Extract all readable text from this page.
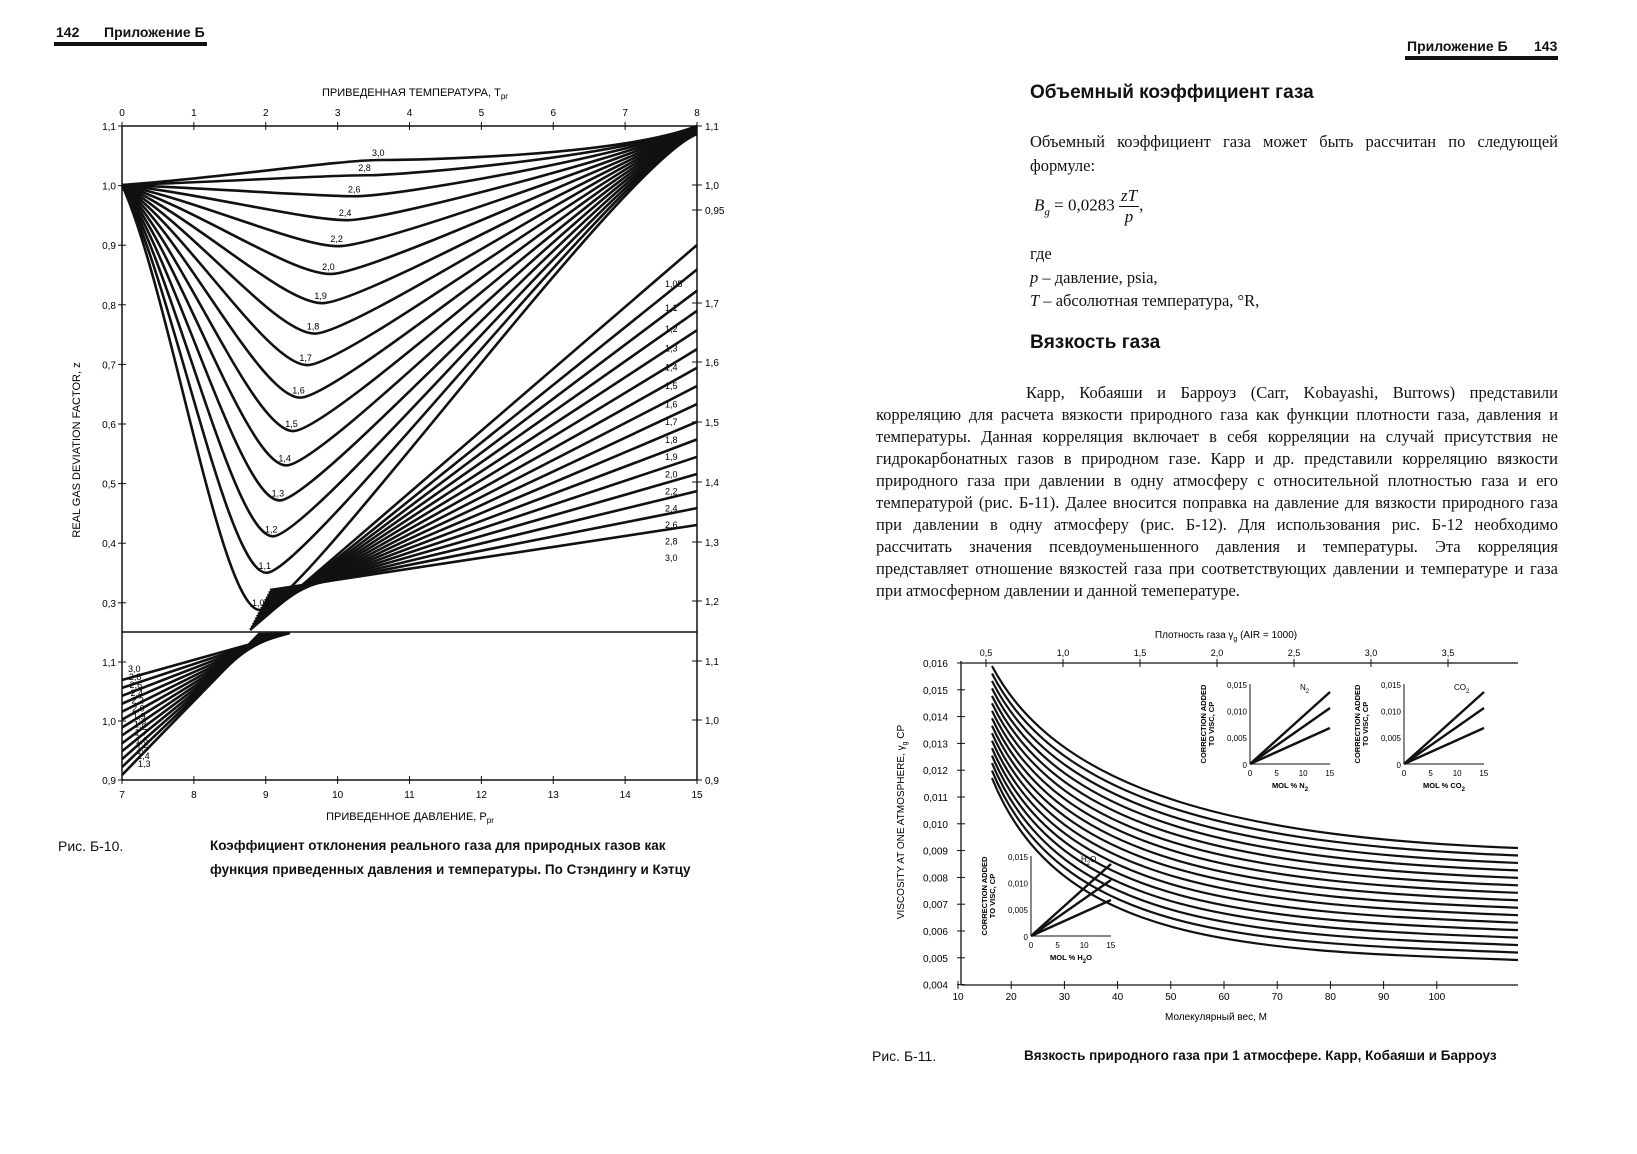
142 Приложение Б
ПРИВЕДЕННАЯ ТЕМПЕРАТУРА, $T_{pr}$
ПРИВЕДЕННОЕ ДАВЛЕНИЕ, $P_{pr}$
REAL GAS DEVIATION FACTOR, z
0	1	2	3	4	5	6	7	8
7	8	9	10	11	12	13	14	15
1,1
1,0
0,9
0,8
0,7
0,6
0,5
0,4
0,3
1,1
1,0
0,9
1,1
1,0
0,95
1,7
1,6
1,5
1,4
1,3
1,2
1,1
1,0
0,9
3,0
2,8
2,6
2,4
2,2
2,0
1,9
1,8
1,7
1,6
1,5
1,4
1,3
1,2
1,1
1,05
1,05
1,1
1,2
1,3
1,4
1,5
1,6
1,7
1,8
1,9
2,0
2,2
2,4
2,6
2,8
3,0
3,0
2,8
2,6
2,4
2,2
2,0
1,9
1,8
1,7
1,6
1,5
1,4
1,3
Рис. Б-10.	Коэффициент отклонения реального газа для природных газов как
функция приведенных давления и температуры. По Стэндингу и Кэтцу
Приложение Б 143
Объемный коэффициент газа
Объемный коэффициент газа может быть рассчитан по следующей формуле:
$B_g = 0,0283 \frac{zT}{p}$ ,
где
p – давление, psia,
T – абсолютная температура, °R,
Вязкость газа
Карр, Кобаяши и Барроуз (Carr, Kobayashi, Burrows) представили корреляцию для расчета вязкости природного газа как функции плотности газа, давления и температуры. Данная корреляция включает в себя корреляции на случай присутствия не гидрокарбонатных газов в природном газе. Карр и др. представили корреляцию вязкости природного газа при давлении в одну атмосферу с относительной плотностью газа и его температурой (рис. Б-11). Далее вносится поправка на давление для вязкости природного газа при давлении в одну атмосферу (рис. Б-12). Для использования рис. Б-12 необходимо рассчитать значения псевдоуменьшенного давления и температуры. Эта корреляция представляет отношение вязкостей газа при соответствующих давлении и температуре и газа при атмосферном давлении и данной темепературе.
Плотность газа $\gamma_g$ (AIR = 1000)
VISCOSITY AT ONE ATMOSPHERE, $\gamma_g$ CP
Молекулярный вес, M
0,016
0,015
0,014
0,013
0,012
0,011
0,010
0,009
0,008
0,007
0,006
0,005
0,004
10	20	30	40	50	60	70	80	90	100
0,5	1,0	1,5	2,0	2,5	3,0	3,5
0,015
0,010
0,005
0
0	5 10 15
CORRECTION ADDED TO VISC, CP
$N_2$
MOL % $N_2$
0,015
0,010
0,005
0
0	5 10 15
CORRECTION ADDED TO VISC, CP
$CO_2$
MOL % $CO_2$
0,015
0,010
0,005
0
0	5 10 15
CORRECTION ADDED TO VISC, CP
$H_2O$
MOL % $H_2O$
Рис. Б-11.	Вязкость природного газа при 1 атмосфере. Карр, Кобаяши и Барроуз
